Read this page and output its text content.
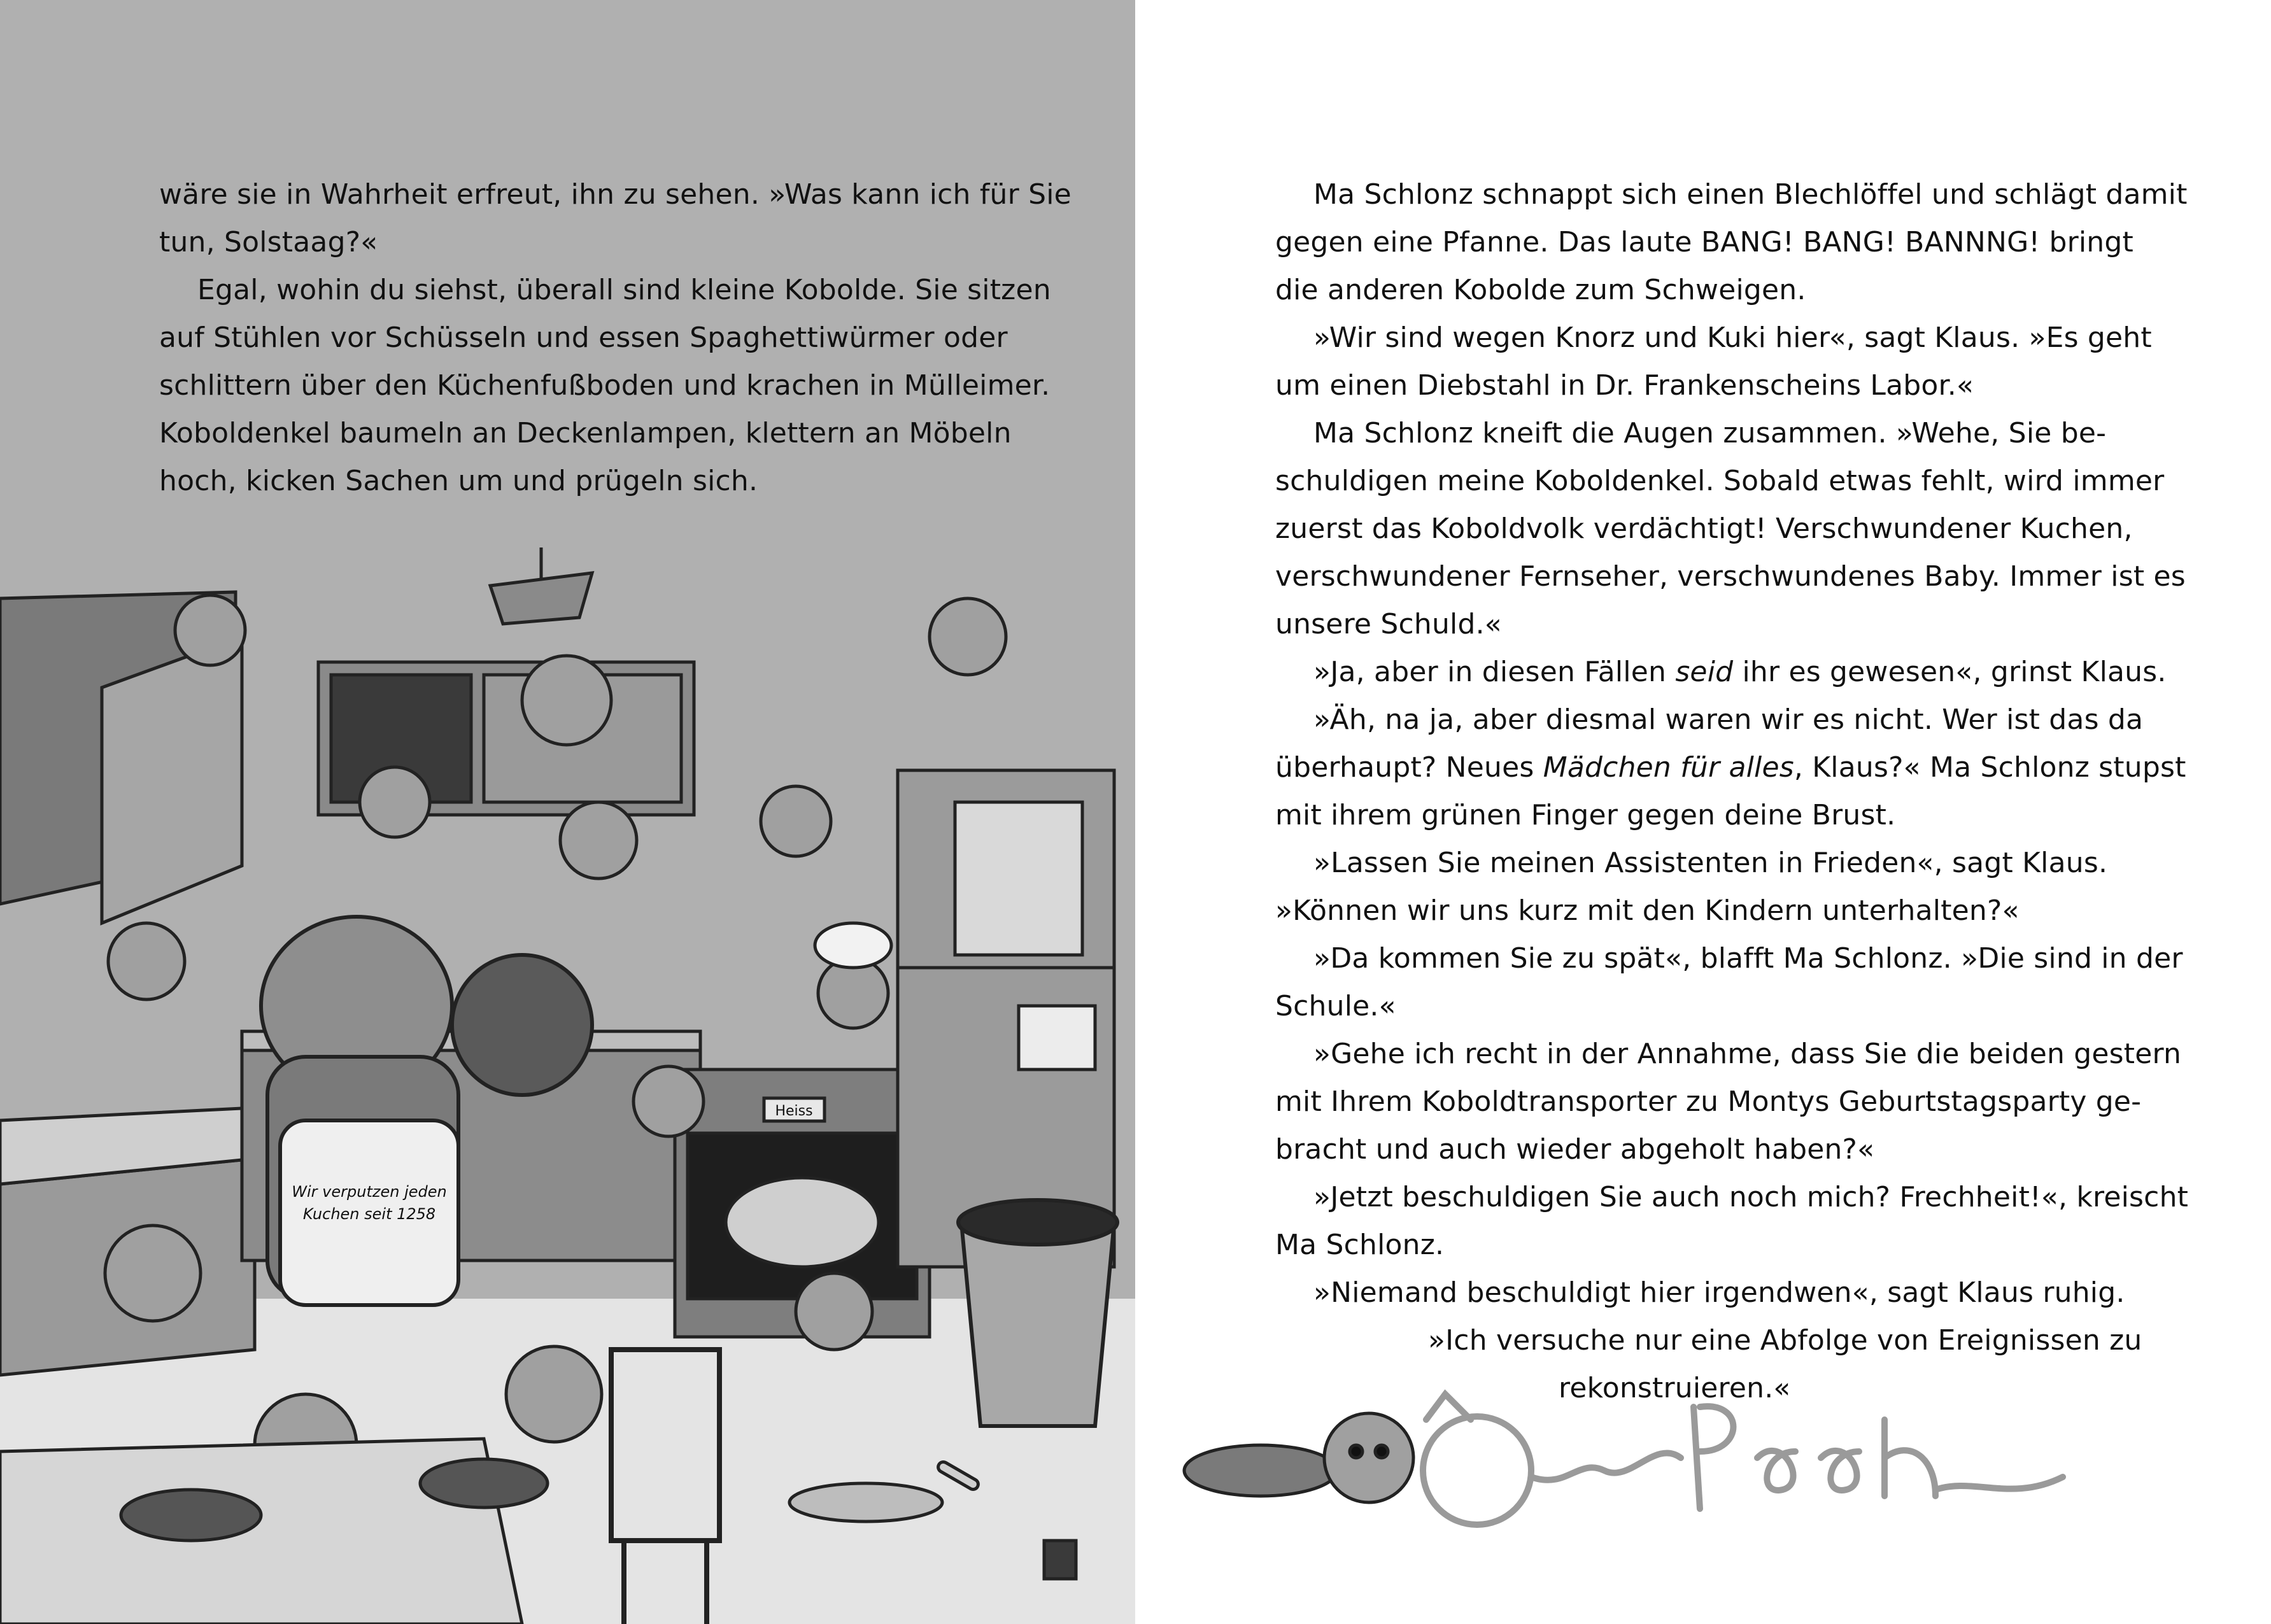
wäre sie in Wahrheit erfreut, ihn zu sehen. »Was kann ich für Sie
tun, Solstaag?«
Egal, wohin du siehst, überall sind kleine Kobolde. Sie sitzen
auf Stühlen vor Schüsseln und essen Spaghettiwürmer oder
schlittern über den Küchenfußboden und krachen in Mülleimer.
Koboldenkel baumeln an Deckenlampen, klettern an Möbeln
hoch, kicken Sachen um und prügeln sich.
Heiss
Wir verputzen jeden
Kuchen seit 1258
Ma Schlonz schnappt sich einen Blechlöffel und schlägt damit
gegen eine Pfanne. Das laute BANG! BANG! BANNNG! bringt
die anderen Kobolde zum Schweigen.
»Wir sind wegen Knorz und Kuki hier«, sagt Klaus. »Es geht
um einen Diebstahl in Dr. Frankenscheins Labor.«
Ma Schlonz kneift die Augen zusammen. »Wehe, Sie be-
schuldigen meine Koboldenkel. Sobald etwas fehlt, wird immer
zuerst das Koboldvolk verdächtigt! Verschwundener Kuchen,
verschwundener Fernseher, verschwundenes Baby. Immer ist es
unsere Schuld.«
»Ja, aber in diesen Fällen seid ihr es gewesen«, grinst Klaus.
»Äh, na ja, aber diesmal waren wir es nicht. Wer ist das da
überhaupt? Neues Mädchen für alles, Klaus?« Ma Schlonz stupst
mit ihrem grünen Finger gegen deine Brust.
»Lassen Sie meinen Assistenten in Frieden«, sagt Klaus.
»Können wir uns kurz mit den Kindern unterhalten?«
»Da kommen Sie zu spät«, blafft Ma Schlonz. »Die sind in der
Schule.«
»Gehe ich recht in der Annahme, dass Sie die beiden gestern
mit Ihrem Koboldtransporter zu Montys Geburtstagsparty ge-
bracht und auch wieder abgeholt haben?«
»Jetzt beschuldigen Sie auch noch mich? Frechheit!«, kreischt
Ma Schlonz.
»Niemand beschuldigt hier irgendwen«, sagt Klaus ruhig.
»Ich versuche nur eine Abfolge von Ereignissen zu
rekonstruieren.«
